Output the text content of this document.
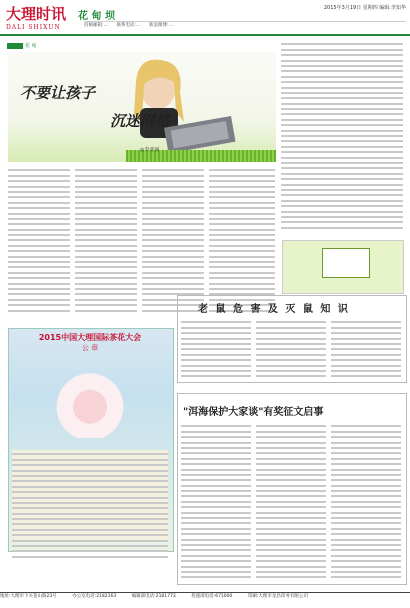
大理时讯
DALI SHIXUN
花 甸 坝
2015年3月19日 星期四 编辑:李知华
投稿邮箱:… 联系电话:… 新浪微博:…
花 甸
不要让孩子
沉迷网络
◎李亚丽
2015中国大理国际茶花大会
公 章
老 鼠 危 害 及 灭 鼠 知 识
"洱海保护大家谈"有奖征文启事
地址:大理市下关苍山路23号	办公室电话:2182163	编辑部电话:2181773	投递部电话:671000	印刷:大理市龙昌印务有限公司
